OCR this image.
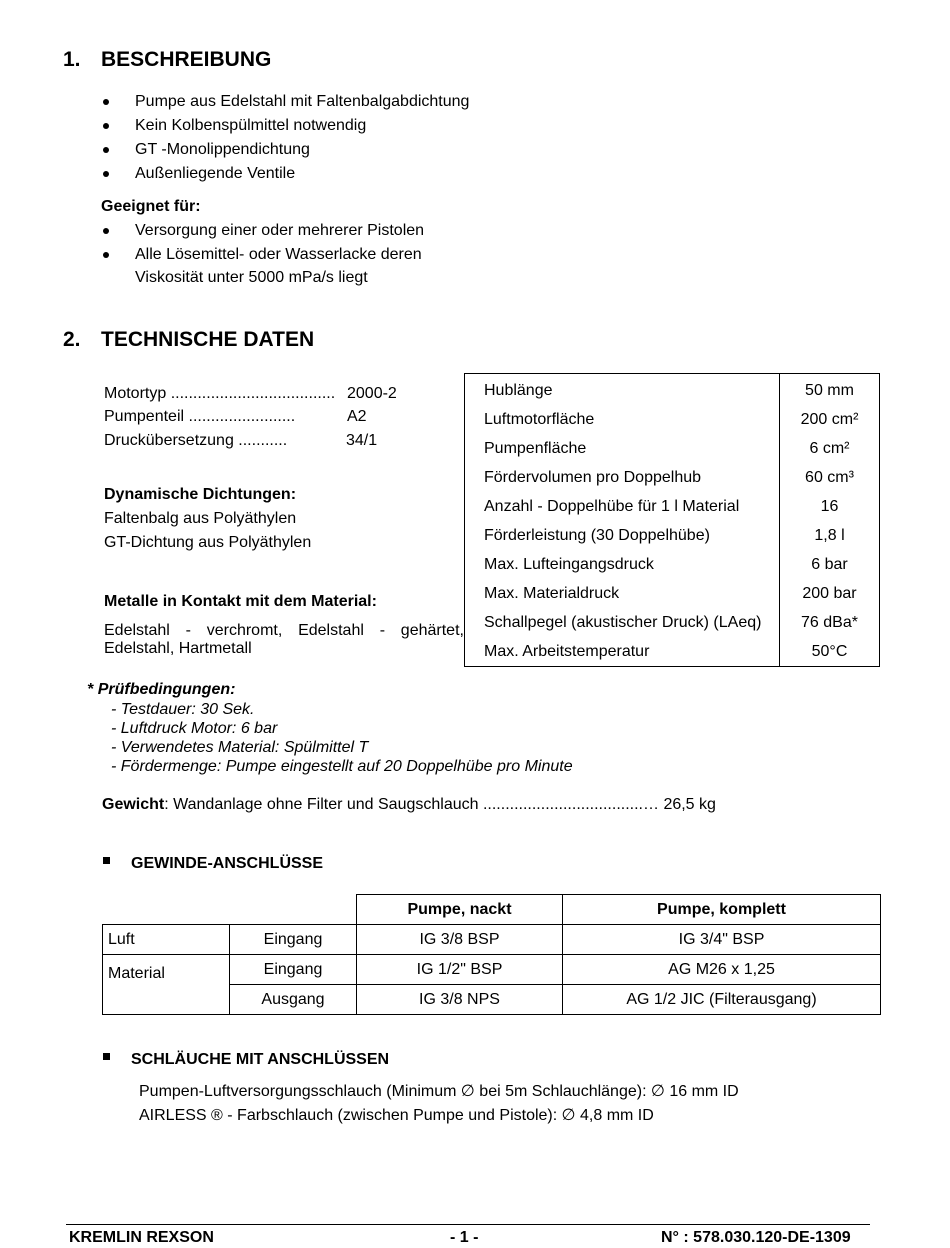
1. BESCHREIBUNG
Pumpe aus Edelstahl mit Faltenbalgabdichtung
Kein Kolbenspülmittel notwendig
GT -Monolippendichtung
Außenliegende Ventile
Geeignet für:
Versorgung einer oder mehrerer Pistolen
Alle Lösemittel- oder Wasserlacke deren
Viskosität unter 5000 mPa/s liegt
2. TECHNISCHE DATEN
Motortyp ..................................... 2000-2
Pumpenteil ........................	A2
Druckübersetzung ...........	34/1
Dynamische Dichtungen:
Faltenbalg aus Polyäthylen
GT-Dichtung aus Polyäthylen
Metalle in Kontakt mit dem Material:
Edelstahl - verchromt, Edelstahl - gehärtet,
Edelstahl, Hartmetall
Hublänge	50 mm
Luftmotorfläche	200 cm²
Pumpenfläche	6 cm²
Fördervolumen pro Doppelhub	60 cm³
Anzahl - Doppelhübe für 1 l Material	16
Förderleistung (30 Doppelhübe)	1,8 l
Max. Lufteingangsdruck	6 bar
Max. Materialdruck	200 bar
Schallpegel (akustischer Druck) (LAeq)	76 dBa*
Max. Arbeitstemperatur	50°C
* Prüfbedingungen:
- Testdauer: 30 Sek.
- Luftdruck Motor: 6 bar
- Verwendetes Material: Spülmittel T
- Fördermenge: Pumpe eingestellt auf 20 Doppelhübe pro Minute
Gewicht: Wandanlage ohne Filter und Saugschlauch ....................................… 26,5 kg
GEWINDE-ANSCHLÜSSE
		Pumpe, nackt	Pumpe, komplett
Luft	Eingang	IG 3/8 BSP	IG 3/4" BSP
Material	Eingang	IG 1/2" BSP	AG M26 x 1,25
	Ausgang	IG 3/8 NPS	AG 1/2 JIC (Filterausgang)
SCHLÄUCHE MIT ANSCHLÜSSEN
Pumpen-Luftversorgungsschlauch (Minimum ∅ bei 5m Schlauchlänge): ∅ 16 mm ID
AIRLESS ® - Farbschlauch (zwischen Pumpe und Pistole): ∅ 4,8 mm ID
KREMLIN REXSON	- 1 -	N° : 578.030.120-DE-1309
